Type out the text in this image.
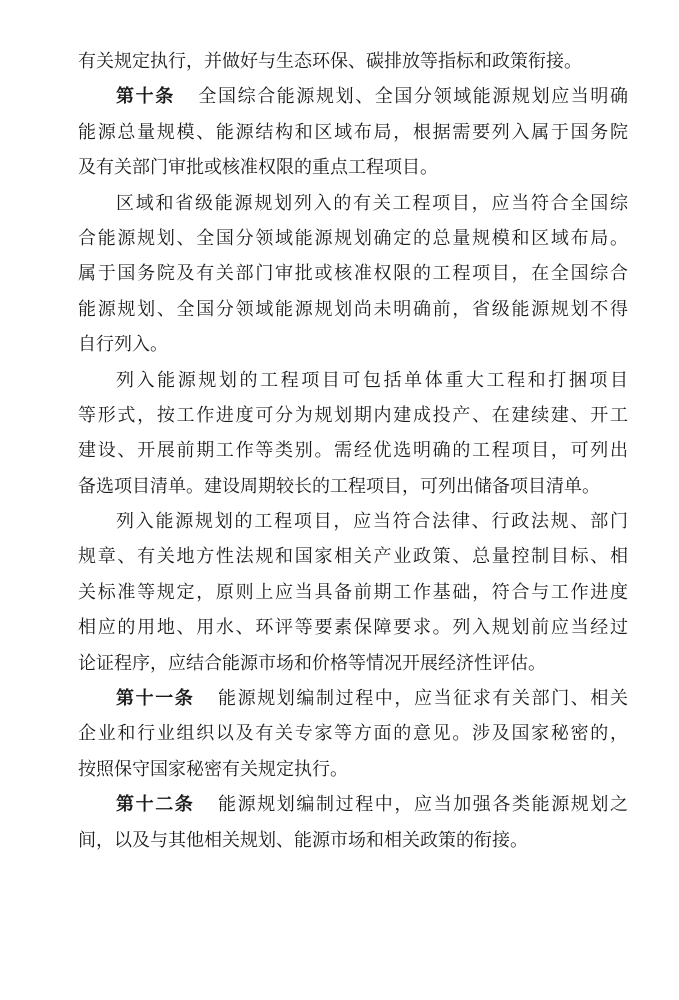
有关规定执行，并做好与生态环保、碳排放等指标和政策衔接。
第十条 全国综合能源规划、全国分领域能源规划应当明确
能源总量规模、能源结构和区域布局，根据需要列入属于国务院
及有关部门审批或核准权限的重点工程项目。
区域和省级能源规划列入的有关工程项目，应当符合全国综
合能源规划、全国分领域能源规划确定的总量规模和区域布局。
属于国务院及有关部门审批或核准权限的工程项目，在全国综合
能源规划、全国分领域能源规划尚未明确前，省级能源规划不得
自行列入。
列入能源规划的工程项目可包括单体重大工程和打捆项目
等形式，按工作进度可分为规划期内建成投产、在建续建、开工
建设、开展前期工作等类别。需经优选明确的工程项目，可列出
备选项目清单。建设周期较长的工程项目，可列出储备项目清单。
列入能源规划的工程项目，应当符合法律、行政法规、部门
规章、有关地方性法规和国家相关产业政策、总量控制目标、相
关标准等规定，原则上应当具备前期工作基础，符合与工作进度
相应的用地、用水、环评等要素保障要求。列入规划前应当经过
论证程序，应结合能源市场和价格等情况开展经济性评估。
第十一条 能源规划编制过程中，应当征求有关部门、相关
企业和行业组织以及有关专家等方面的意见。涉及国家秘密的，
按照保守国家秘密有关规定执行。
第十二条 能源规划编制过程中，应当加强各类能源规划之
间，以及与其他相关规划、能源市场和相关政策的衔接。
